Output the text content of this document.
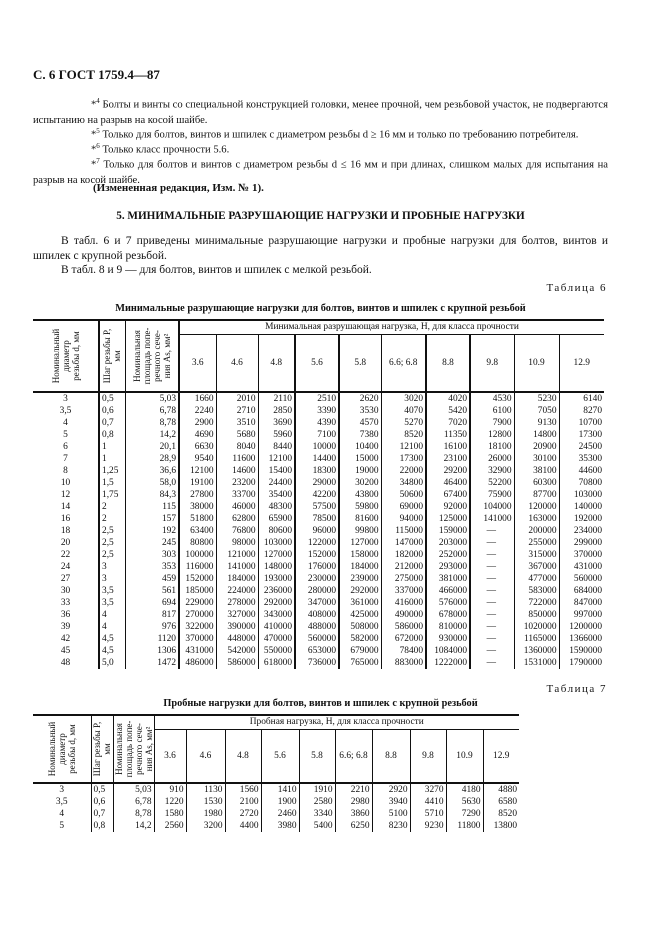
С. 6 ГОСТ 1759.4—87
*$^4$ Болты и винты со специальной конструкцией головки, менее прочной, чем резьбовой участок, не подвергаются испытанию на разрыв на косой шайбе.
*$^5$ Только для болтов, винтов и шпилек с диаметром резьбы d ≥ 16 мм и только по требованию потребителя.
*$^6$ Только класс прочности 5.6.
*$^7$ Только для болтов и винтов с диаметром резьбы d ≤ 16 мм и при длинах, слишком малых для испытания на разрыв на косой шайбе.
(Измененная редакция, Изм. № 1).
5. МИНИМАЛЬНЫЕ РАЗРУШАЮЩИЕ НАГРУЗКИ И ПРОБНЫЕ НАГРУЗКИ
В табл. 6 и 7 приведены минимальные разрушающие нагрузки и пробные нагрузки для болтов, винтов и шпилек с крупной резьбой.
В табл. 8 и 9 — для болтов, винтов и шпилек с мелкой резьбой.
Таблица 6
Минимальные разрушающие нагрузки для болтов, винтов и шпилек с крупной резьбой
Номинальный диаметр резьбы d, мм	Шаг резьбы P, мм	Номинальная площадь попе- речного сече- ния As, мм²
	Минимальная разрушающая нагрузка, Н, для класса прочности
			3.6	4.6	4.8	5.6	5.8	6.6; 6.8	8.8	9.8	10.9	12.9
3	0,5	5,03	1660	2010	2110	2510	2620	3020	4020	4530	5230	6140
3,5	0,6	6,78	2240	2710	2850	3390	3530	4070	5420	6100	7050	8270
4	0,7	8,78	2900	3510	3690	4390	4570	5270	7020	7900	9130	10700
5	0,8	14,2	4690	5680	5960	7100	7380	8520	11350	12800	14800	17300
6	1	20,1	6630	8040	8440	10000	10400	12100	16100	18100	20900	24500
7	1	28,9	9540	11600	12100	14400	15000	17300	23100	26000	30100	35300
8	1,25	36,6	12100	14600	15400	18300	19000	22000	29200	32900	38100	44600
10	1,5	58,0	19100	23200	24400	29000	30200	34800	46400	52200	60300	70800
12	1,75	84,3	27800	33700	35400	42200	43800	50600	67400	75900	87700	103000
14	2	115	38000	46000	48300	57500	59800	69000	92000	104000	120000	140000
16	2	157	51800	62800	65900	78500	81600	94000	125000	141000	163000	192000
18	2,5	192	63400	76800	80600	96000	99800	115000	159000	—	200000	234000
20	2,5	245	80800	98000	103000	122000	127000	147000	203000	—	255000	299000
22	2,5	303	100000	121000	127000	152000	158000	182000	252000	—	315000	370000
24	3	353	116000	141000	148000	176000	184000	212000	293000	—	367000	431000
27	3	459	152000	184000	193000	230000	239000	275000	381000	—	477000	560000
30	3,5	561	185000	224000	236000	280000	292000	337000	466000	—	583000	684000
33	3,5	694	229000	278000	292000	347000	361000	416000	576000	—	722000	847000
36	4	817	270000	327000	343000	408000	425000	490000	678000	—	850000	997000
39	4	976	322000	390000	410000	488000	508000	586000	810000	—	1020000	1200000
42	4,5	1120	370000	448000	470000	560000	582000	672000	930000	—	1165000	1366000
45	4,5	1306	431000	542000	550000	653000	679000	78400	1084000	—	1360000	1590000
48	5,0	1472	486000	586000	618000	736000	765000	883000	1222000	—	1531000	1790000
Таблица 7
Пробные нагрузки для болтов, винтов и шпилек с крупной резьбой
Номинальный диаметр резьбы d, мм	Шаг резьбы P, мм	Номинальная площадь попе- речного сече- ния As, мм²
	Пробная нагрузка, Н, для класса прочности
			3.6	4.6	4.8	5.6	5.8	6.6; 6.8	8.8	9.8	10.9	12.9
3	0,5	5,03	910	1130	1560	1410	1910	2210	2920	3270	4180	4880
3,5	0,6	6,78	1220	1530	2100	1900	2580	2980	3940	4410	5630	6580
4	0,7	8,78	1580	1980	2720	2460	3340	3860	5100	5710	7290	8520
5	0,8	14,2	2560	3200	4400	3980	5400	6250	8230	9230	11800	13800
